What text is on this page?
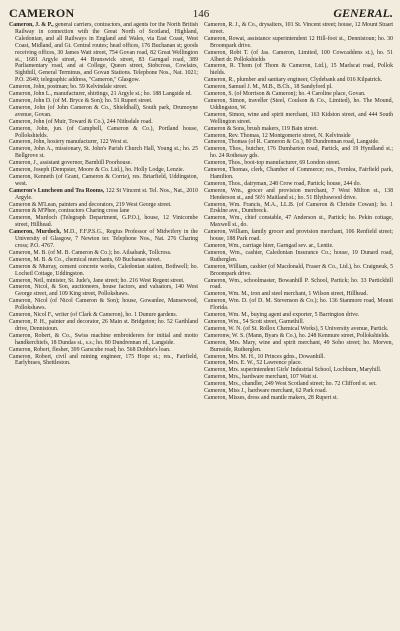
CAMERON	146	GENERAL.
Cameron, J. & P., general carriers, contractors, and agents for the North British Railway in connection with the Great North of Scotland, Highland, Caledonian, and all Railways in England and Wales, via East Coast, West Coast, Midland, and Gt. Central routes; head offices, 176 Buchanan st; goods receiving offices, 30 James Watt street, 754 Govan road, 82 Great Wellington st., 1681 Argyle street, 44 Brunswick street, 83 Garngad road, 389 Parliamentary road, and at College, Queen street, Stobcross, Cowlairs, Sighthill, General Terminus, and Govan Stations. Telephone Nos., Nat. 1021; P.O. 2640; telegraphic address, "Cameron," Glasgow.
Cameron, John, postman; bo. 59 Kelvindale street.
Cameron, John L., manufacturer, shirtings, 21 Argyle st.; ho. 188 Langside rd.
Cameron, John D. (of M. Bryce & Son); ho. 51 Rupert street.
Cameron, John (of John Cameron & Co., Shieldhall), South park, Drumoyne avenue, Govan.
Cameron, John (of Muir, Toward & Co.), 244 Nithsdale road.
Cameron, John, jun. (of Campbell, Cameron & Co.), Portland house, Pollokshields.
Cameron, John, hosiery manufacturer, 122 West st.
Cameron, John A., missionary, St. John's Parish Church Hall, Young st.; ho. 25 Bellgrove st.
Cameron, J., assistant governor, Barnhill Poorhouse.
Cameron, Joseph (Dempster, Moore & Co. Ltd.), ho. Holly Lodge, Lenzie.
Cameron, Kenneth (of Grant, Cameron & Corrie), res. Briarfield, Uddingston, west.
Cameron's Luncheon and Tea Rooms, 122 St Vincent st. Tel. Nos., Nat., 2010 Argyle.
Cameron & M'Lean, painters and decorators, 219 West George street.
Cameron & M'Phee, contractors Charing cross lane
Cameron, Murdoch (Telegraph Department, G.P.O.), house, 12 Vinicombe street, Hillhead.
Cameron, Murdoch, M.D., F.F.P.S.G., Regius Professor of Midwifery in the University of Glasgow, 7 Newton ter. Telephone Nos., Nat. 276 Charing cross; P.O. 4767.
Cameron, M. B. (of M. B. Cameron & Co.); ho. Ailsabank, Tollcross.
Cameron, M. B. & Co., chemical merchants, 69 Buchanan street.
Cameron & Murray, cement concrete works, Caledonian station, Bothwell; ho. Locheil Cottage, Uddingston.
Cameron, Neil, minister, St. Jude's, Jane street; ho. 216 West Regent street.
Cameron, Nicol, & Son, auctioneers, house factors, and valuators, 140 West George street, and 109 King street, Pollokshaws.
Cameron, Nicol (of Nicol Cameron & Son); house, Gowanlee, Mansewood, Pollokshaws.
Cameron, Nicol F., writer (of Clark & Cameron), ho. 1 Dunure gardens.
Cameron, P. H., painter and decorator, 26 Main st. Bridgeton; ho. 52 Garthland drive, Dennistoun.
Cameron, Robert, & Co., Swiss machine embroiderers for initial and motto handkerchiefs, 18 Dundas st., s.s.; ho. 80 Dundrennan rd., Langside.
Cameron, Robert, flesher, 399 Garscube road; ho. 568 Dobbie's loan.
Cameron, Robert, civil and mining engineer, 175 Hope st.; res., Fairfield, Earlybraes, Shettleston.
Cameron, R. J., & Co., drysalters, 101 St. Vincent street; house, 12 Mount Stuart street.
Cameron, Rowat, assistance superintendent 12 Hill-foot st., Dennistoun; ho. 30 Broompark drive.
Cameron, Robt T. (of Jas. Cameron, Limited, 100 Cowcaddens st.), ho. 51 Albert dr. Pollokshields
Cameron, R. Thom (of Thom & Cameron, Ltd.), 15 Marlscat road, Pollok hields.
Cameron, R., plumber and sanitary engineer, Clydebank and 016 Kilpatrick.
Cameron, Samuel J. M., M.B., B.Ch., 18 Sandyford pl.
Cameron, S. (of Morrison & Cameron); ho. 4 Caroline place, Govan.
Cameron, Simon, traveller (Steel, Coulson & Co., Limited), ho. The Mound, Uddingston, W.
Cameron, Simon, wine and spirit merchant, 163 Kidston street, and 444 South Wellington street.
Cameron & Sons, brush makers, 119 Bain street.
Cameron, Rev. Thomas, 12 Montgomerie street, N. Kelvinside
Cameron, Thomas (of R. Cameron & Co.), 80 Dundrennan road, Langside.
Cameron, Thos., butcher, 176 Dumbarton road, Partick, and 19 Hyndland st.; ho. 24 Rothesay gds.
Cameron, Thos., boot-top manufacturer, 69 London street.
Cameron, Thomas, clerk, Chamber of Commerce; res., Fernlea, Fairfield park, Hamilton.
Cameron, Thos., dairyman, 248 Crow road, Partick; house, 244 do.
Cameron, Wm., grocer and provision merchant, 7 West Milton st., 138 Henderson st., and 56½ Maitland st.; ho. 51 Blythswood drive.
Cameron, Wm. Francis, M.A., LL.B. (of Cameron & Christie Cowan); ho. 1 Ersklne ave., Dumbreck.
Cameron, Wm., chief constable, 47 Anderson st., Partick; ho. Pekin cottage, Maxwell st., do.
Cameron, William, family grocer and provision merchant, 106 Renfield street; house, 188 Park road.
Cameron, Wm., carriage hirer, Garngad sev. ar., Lentie.
Cameron, Wm., cashier, Caledonian Insurance Co.; house, 19 Dunard road, Rutherglen.
Cameron, William, cashier (of Macdonald, Fraser & Co., Ltd.), ho. Craigneuk, 5 Broompark drive.
Cameron, Wm., schoolmaster, Bowanhill P. School, Partick; ho. 33 Partickhill road.
Cameron, Wm. M., iron and steel merchant, 1 Wilson street, Hillhead.
Cameron, Wm. D. (of D. M. Stevenson & Co.); ho. 136 Stanmore road, Mount Florida.
Cameron, Wm. M., buying agent and exporter, 5 Barrington drive.
Cameron, Wm., 54 Scott street, Garnethill.
Cameron, W. N. (of St. Rollox Chemical Works), 5 University avenue, Partick.
Cameronw, W. S. (Mann, Byars & Co.), ho. 248 Kenmure street, Pollokshields.
Cameron, Mrs. Mary, wine and spirit merchant, 49 Soho street; ho. Morven, Burnside, Rutherglen.
Cameron, Mrs. M. H., 10 Princes gdns., Dowanhill.
Cameron, Mrs. E. W., 52 Lawrence place.
Cameron, Mrs. superintendent Girls' Industrial School, Lochburn, Maryhill.
Cameron, Mrs., hardware merchant, 107 Watt st.
Cameron, Mrs., chandler, 249 West Scotland street; ho. 72 Clifford st. set.
Cameron, Miss J., hardware merchant, 62 Park road.
Cameron, Misses, dress and mantle makers, 28 Rupert st.
